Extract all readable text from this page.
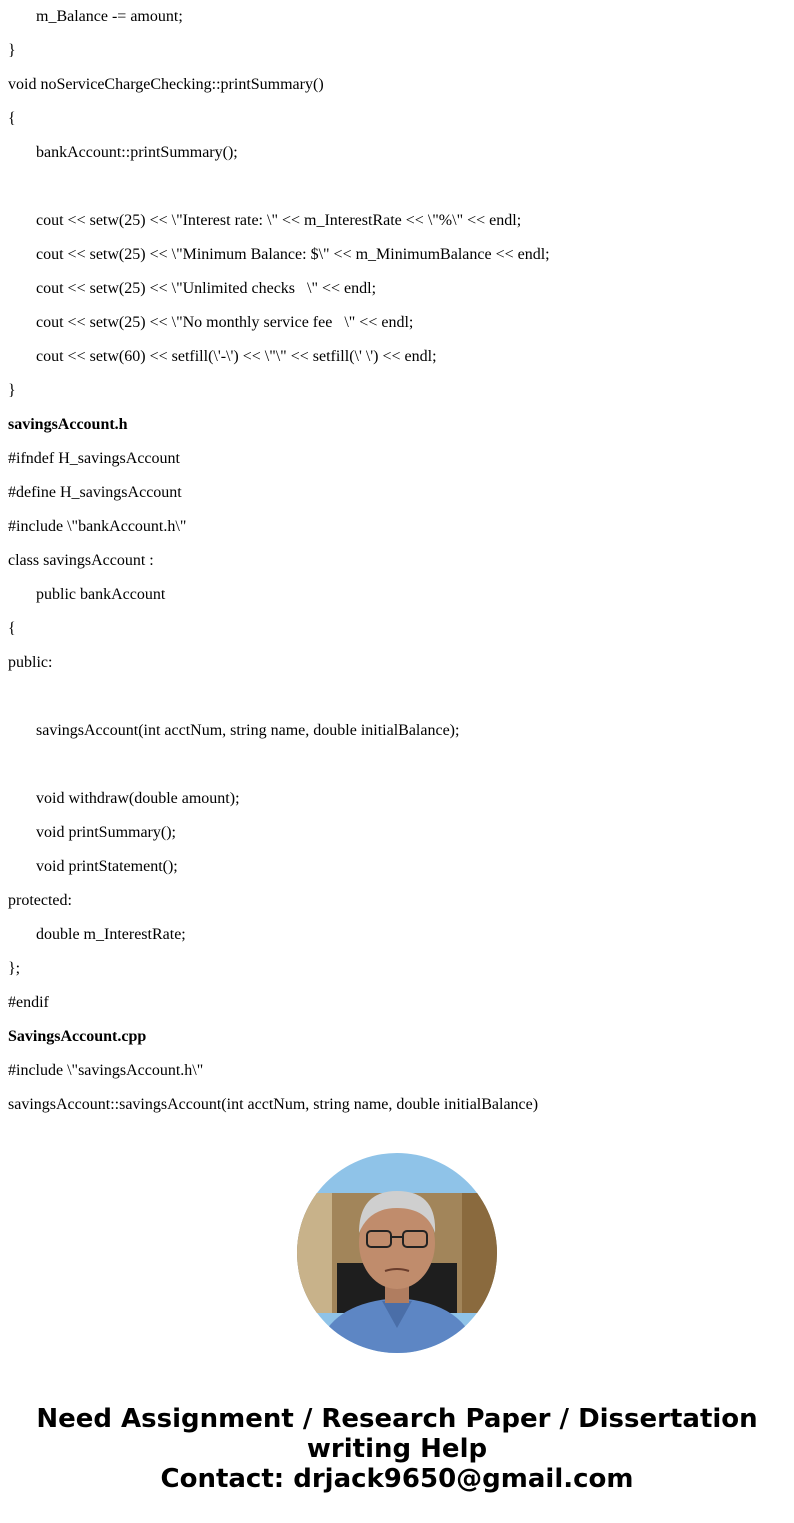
m_Balance -= amount;
}
void noServiceChargeChecking::printSummary()
{
bankAccount::printSummary();
cout << setw(25) << \"Interest rate: \" << m_InterestRate << \"%\" << endl;
cout << setw(25) << \"Minimum Balance: $\" << m_MinimumBalance << endl;
cout << setw(25) << \"Unlimited checks   \" << endl;
cout << setw(25) << \"No monthly service fee   \" << endl;
cout << setw(60) << setfill(\'-\') << \"\" << setfill(\' \') << endl;
}
savingsAccount.h
#ifndef H_savingsAccount
#define H_savingsAccount
#include \"bankAccount.h\"
class savingsAccount :
public bankAccount
{
public:
savingsAccount(int acctNum, string name, double initialBalance);
void withdraw(double amount);
void printSummary();
void printStatement();
protected:
double m_InterestRate;
};
#endif
SavingsAccount.cpp
#include \"savingsAccount.h\"
savingsAccount::savingsAccount(int acctNum, string name, double initialBalance)
Need Assignment / Research Paper / Dissertation
writing Help
Contact: drjack9650@gmail.com
